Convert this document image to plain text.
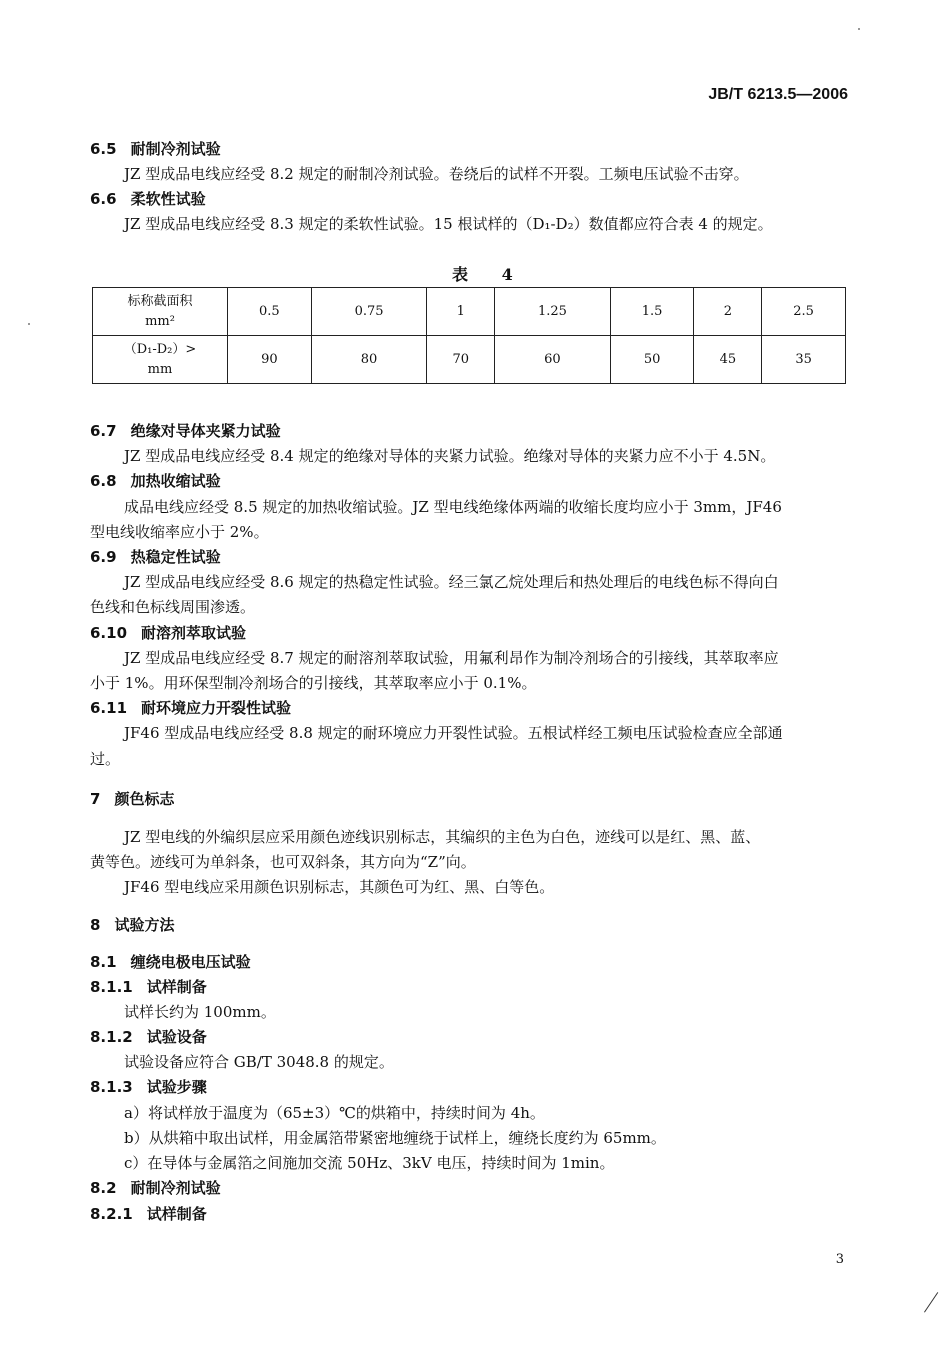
JB/T 6213.5—2006
6.5 耐制冷剂试验
JZ 型成品电线应经受 8.2 规定的耐制冷剂试验。卷绕后的试样不开裂。工频电压试验不击穿。
6.6 柔软性试验
JZ 型成品电线应经受 8.3 规定的柔软性试验。15 根试样的（D₁-D₂）数值都应符合表 4 的规定。
表 4
标称截面积
mm²	0.5	0.75	1	1.25	1.5	2	2.5

（D₁-D₂）>
mm	90	80	70	60	50	45	35
6.7 绝缘对导体夹紧力试验
JZ 型成品电线应经受 8.4 规定的绝缘对导体的夹紧力试验。绝缘对导体的夹紧力应不小于 4.5N。
6.8 加热收缩试验
成品电线应经受 8.5 规定的加热收缩试验。JZ 型电线绝缘体两端的收缩长度均应小于 3mm，JF46
型电线收缩率应小于 2%。
6.9 热稳定性试验
JZ 型成品电线应经受 8.6 规定的热稳定性试验。经三氯乙烷处理后和热处理后的电线色标不得向白
色线和色标线周围渗透。
6.10 耐溶剂萃取试验
JZ 型成品电线应经受 8.7 规定的耐溶剂萃取试验，用氟利昂作为制冷剂场合的引接线，其萃取率应
小于 1%。用环保型制冷剂场合的引接线，其萃取率应小于 0.1%。
6.11 耐环境应力开裂性试验
JF46 型成品电线应经受 8.8 规定的耐环境应力开裂性试验。五根试样经工频电压试验检查应全部通
过。
7 颜色标志
JZ 型电线的外编织层应采用颜色迹线识别标志，其编织的主色为白色，迹线可以是红、黑、蓝、
黄等色。迹线可为单斜条，也可双斜条，其方向为“Z”向。
JF46 型电线应采用颜色识别标志，其颜色可为红、黑、白等色。
8 试验方法
8.1 缠绕电极电压试验
8.1.1 试样制备
试样长约为 100mm。
8.1.2 试验设备
试验设备应符合 GB/T 3048.8 的规定。
8.1.3 试验步骤
a）将试样放于温度为（65±3）℃的烘箱中，持续时间为 4h。
b）从烘箱中取出试样，用金属箔带紧密地缠绕于试样上，缠绕长度约为 65mm。
c）在导体与金属箔之间施加交流 50Hz、3kV 电压，持续时间为 1min。
8.2 耐制冷剂试验
8.2.1 试样制备
3
